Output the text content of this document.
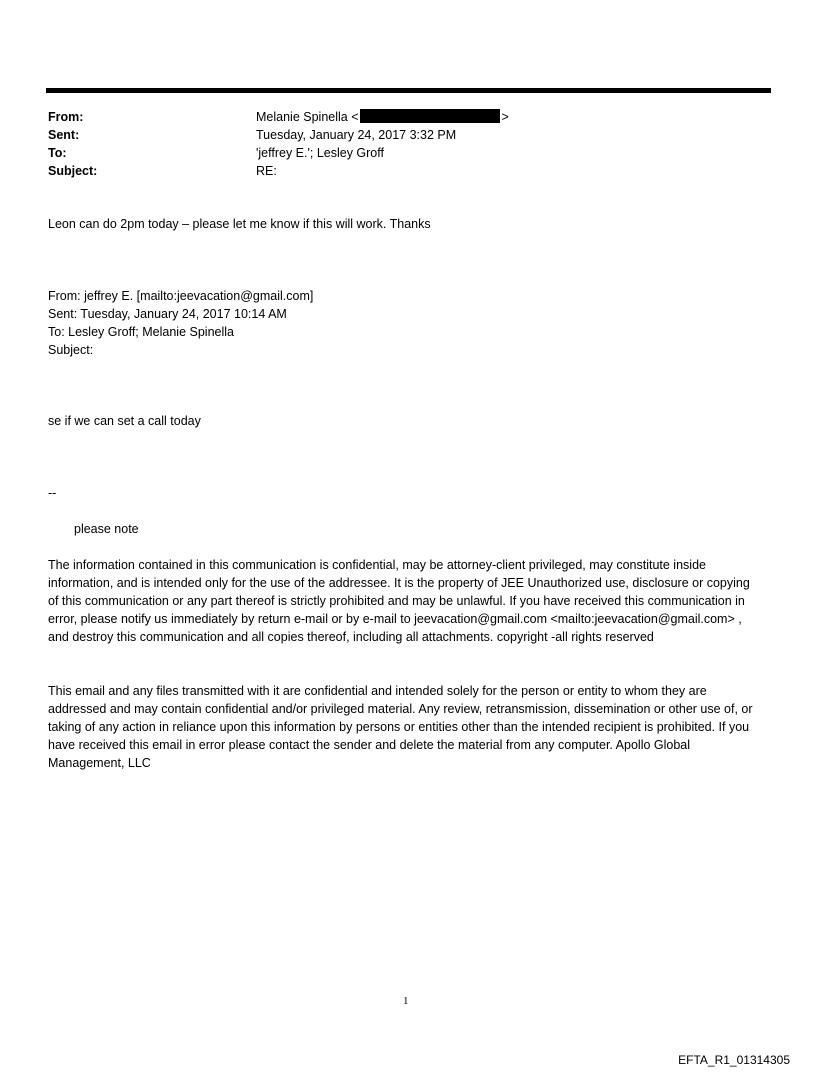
From:	Melanie Spinella <	>
Sent:	Tuesday, January 24, 2017 3:32 PM
To:	'jeffrey E.'; Lesley Groff
Subject:	RE:
Leon can do 2pm today – please let me know if this will work. Thanks
From: jeffrey E. [mailto:jeevacation@gmail.com]
Sent: Tuesday, January 24, 2017 10:14 AM
To: Lesley Groff; Melanie Spinella
Subject:
se if we can set a call today
--
please note
The information contained in this communication is confidential, may be attorney-client privileged, may constitute inside information, and is intended only for the use of the addressee. It is the property of JEE Unauthorized use, disclosure or copying of this communication or any part thereof is strictly prohibited and may be unlawful. If you have received this communication in error, please notify us immediately by return e-mail or by e-mail to jeevacation@gmail.com <mailto:jeevacation@gmail.com> , and destroy this communication and all copies thereof, including all attachments. copyright -all rights reserved
This email and any files transmitted with it are confidential and intended solely for the person or entity to whom they are addressed and may contain confidential and/or privileged material. Any review, retransmission, dissemination or other use of, or taking of any action in reliance upon this information by persons or entities other than the intended recipient is prohibited. If you have received this email in error please contact the sender and delete the material from any computer. Apollo Global Management, LLC
1
EFTA_R1_01314305
